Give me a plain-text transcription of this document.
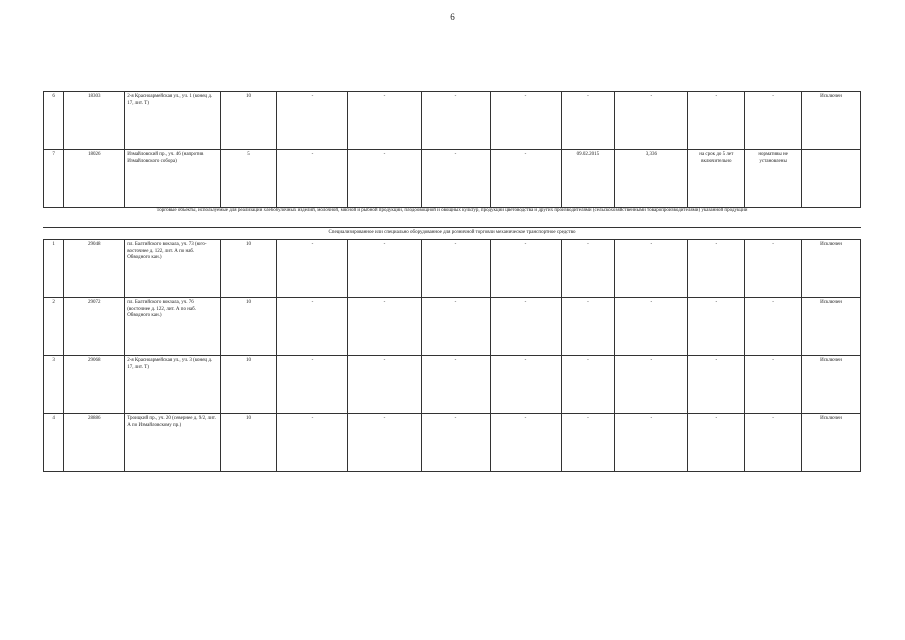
6
6	18303	2-я Красноармейская ул., уч. 1 (конец д. 17, лит. Т)	10	-	-	-	-	-	-	-	-	Исключен
7	18026	Измайловский пр., уч. 46 (напротив Измайловского собора)	5	-	-	-	-	09.02.2015	3,336	на срок до 5 лет включительно	нормативы не установлены	
Торговые объекты, используемые для реализации хлебобулочных изделий, молочной, мясной и рыбной продукции, плодоовощной и овощных культур, продукции цветоводства и других производителями (сельскохозяйственными товаропроизводителями) указанной продукции
Специализированное или специально оборудованное для розничной торговли механическое транспортное средство
1	29048	пл. Балтийского вокзала, уч. 73 (юго-восточнее д. 122, лит. А по наб. Обводного кан.)	10	-	-	-	-	-	-	-	-	Исключен
2	29072	пл. Балтийского вокзала, уч. 76 (восточнее д. 122, лит. А по наб. Обводного кан.)	10	-	-	-	-	-	-	-	-	Исключен
3	29068	2-я Красноармейская ул., уч. 3 (конец д. 17, лит. Т)	10	-	-	-	-	-	-	-	-	Исключен
4	28886	Троицкий пр., уч. 20 (севернее д. 9/2, лит. А по Измайловскому пр.)	10	-	-	-	-	-	-	-	-	Исключен
